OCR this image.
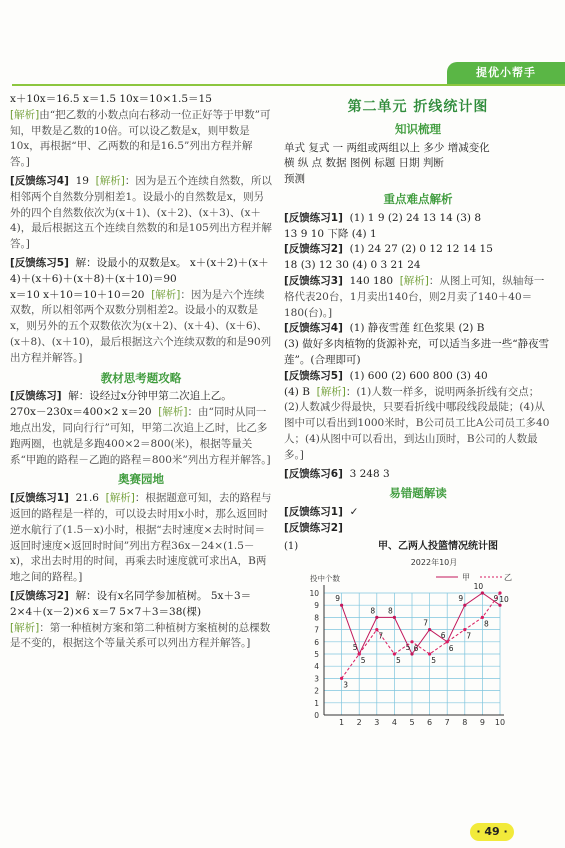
提优小帮手

x＋10x＝16.5 x＝1.5 10x＝10×1.5＝15

[解析]由“把乙数的小数点向右移动一位正好等于甲数”可知，甲数是乙数的10倍。可以设乙数是x，则甲数是10x，再根据“甲、乙两数的和是16.5”列出方程并解答。]

[反馈练习4] 19 [解析]：因为是五个连续自然数，所以相邻两个自然数分别相差1。设最小的自然数是x，则另外的四个自然数依次为(x＋1)、(x＋2)、(x＋3)、(x＋4)，最后根据这五个连续自然数的和是105列出方程并解答。]

[反馈练习5] 解：设最小的双数是x。 x＋(x＋2)＋(x＋4)＋(x＋6)＋(x＋8)＋(x＋10)＝90

x＝10 x＋10＝10＋10＝20 [解析]：因为是六个连续双数，所以相邻两个双数分别相差2。设最小的双数是x，则另外的五个双数依次为(x＋2)、(x＋4)、(x＋6)、(x＋8)、(x＋10)，最后根据这六个连续双数的和是90列出方程并解答。]

教材思考题攻略

[反馈练习] 解：设经过x分钟甲第二次追上乙。

270x－230x＝400×2 x＝20 [解析]：由“同时从同一地点出发，同向行行”可知，甲第二次追上乙时，比乙多跑两圈，也就是多跑400×2＝800(米)，根据等量关系“甲跑的路程－乙跑的路程＝800米”列出方程并解答。]

奥赛园地

[反馈练习1] 21.6 [解析]：根据题意可知，去的路程与返回的路程是一样的，可以设去时用x小时，那么返回时逆水航行了(1.5－x)小时，根据“去时速度×去时时间＝返回时速度×返回时时间”列出方程36x－24×(1.5－x)，求出去时用的时间，再乘去时速度就可求出A，B两地之间的路程。]

[反馈练习2] 解：设有x名同学参加植树。 5x＋3＝2×4＋(x－2)×6 x＝7 5×7＋3＝38(棵)

[解析]：第一种植树方案和第二种植树方案植树的总棵数是不变的，根据这个等量关系可以列出方程并解答。]

第二单元 折线统计图
知识梳理

单式 复式 一 两组或两组以上 多少 增减变化

横 纵 点 数据 图例 标题 日期 判断

预测

重点难点解析

[反馈练习1] (1) 1 9 (2) 24 13 14 (3) 8

13 9 10 下降 (4) 1

[反馈练习2] (1) 24 27 (2) 0 12 12 14 15

18 (3) 12 30 (4) 0 3 21 24

[反馈练习3] 140 180 [解析]：从图上可知，纵轴每一格代表20台，1月卖出140台，则2月卖了140＋40＝180(台)。]

[反馈练习4] (1) 静夜雪莲 红色浆果 (2) B

(3) 做好多肉植物的货源补充，可以适当多进一些“静夜雪莲”。(合理即可)

[反馈练习5] (1) 600 (2) 600 800 (3) 40

(4) B [解析]：(1)人数一样多，说明两条折线有交点；(2)人数减少得最快，只要看折线中哪段线段最陡；(4)从图中可以看出到1000米时，B公司员工比A公司员工多40人；(4)从图中可以看出，到达山顶时，B公司的人数最多。]

[反馈练习6] 3 248 3

易错题解读

[反馈练习1] ✓

[反馈练习2]

(1)	甲、乙两人投篮情况统计图
2022年10月
甲	乙
投中个数
0
1
2
3
4
5
6
7
8
9
10
1 2 3 4 5 6 7 8 9 10
9
5
8 8
5
7
6
9
10
9
3
5
7
5
6
5
6
7
8
10
· 49 ·
